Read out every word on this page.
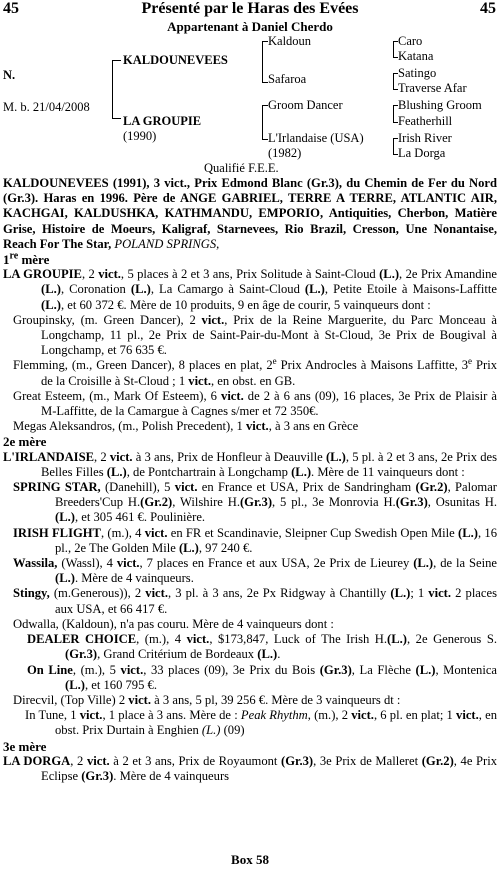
45	Présenté par le Haras des Evées	45
Appartenant à Daniel Cherdo
N.
M. b. 21/04/2008
KALDOUNEVEES
LA GROUPIE
(1990)
Kaldoun
Safaroa
Groom Dancer
L'Irlandaise (USA)
(1982)
Caro
Katana
Satingo
Traverse Afar
Blushing Groom
Featherhill
Irish River
La Dorga
Qualifié F.E.E.

KALDOUNEVEES (1991), 3 vict., Prix Edmond Blanc (Gr.3), du Chemin de Fer du Nord (Gr.3). Haras en 1996. Père de ANGE GABRIEL, TERRE A TERRE, ATLANTIC AIR, KACHGAI, KALDUSHKA, KATHMANDU, EMPORIO, Antiquities, Cherbon, Matière Grise, Histoire de Moeurs, Kaligraf, Starnevees, Rio Brazil, Cresson, Une Nonantaise, Reach For The Star, POLAND SPRINGS,

1re mère

LA GROUPIE, 2 vict., 5 places à 2 et 3 ans, Prix Solitude à Saint-Cloud (L.), 2e Prix Amandine (L.), Coronation (L.), La Camargo à Saint-Cloud (L.), Petite Etoile à Maisons-Laffitte (L.), et 60 372 €. Mère de 10 produits, 9 en âge de courir, 5 vainqueurs dont :

Groupinsky, (m. Green Dancer), 2 vict., Prix de la Reine Marguerite, du Parc Monceau à Longchamp, 11 pl., 2e Prix de Saint-Pair-du-Mont à St-Cloud, 3e Prix de Bougival à Longchamp, et 76 635 €.

Flemming, (m., Green Dancer), 8 places en plat, 2e Prix Androcles à Maisons Laffitte, 3e Prix de la Croisille à St-Cloud ; 1 vict., en obst. en GB.

Great Esteem, (m., Mark Of Esteem), 6 vict. de 2 à 6 ans (09), 16 places, 3e Prix de Plaisir à M-Laffitte, de la Camargue à Cagnes s/mer et 72 350€.

Megas Aleksandros, (m., Polish Precedent), 1 vict., à 3 ans en Grèce

2e mère

L'IRLANDAISE, 2 vict. à 3 ans, Prix de Honfleur à Deauville (L.), 5 pl. à 2 et 3 ans, 2e Prix des Belles Filles (L.), de Pontchartrain à Longchamp (L.). Mère de 11 vainqueurs dont :

SPRING STAR, (Danehill), 5 vict. en France et USA, Prix de Sandringham (Gr.2), Palomar Breeders'Cup H.(Gr.2), Wilshire H.(Gr.3), 5 pl., 3e Monrovia H.(Gr.3), Osunitas H.(L.), et 305 461 €. Poulinière.

IRISH FLIGHT, (m.), 4 vict. en FR et Scandinavie, Sleipner Cup Swedish Open Mile (L.), 16 pl., 2e The Golden Mile (L.), 97 240 €.

Wassila, (Wassl), 4 vict., 7 places en France et aux USA, 2e Prix de Lieurey (L.), de la Seine (L.). Mère de 4 vainqueurs.

Stingy, (m.Generous)), 2 vict., 3 pl. à 3 ans, 2e Px Ridgway à Chantilly (L.); 1 vict. 2 places aux USA, et 66 417 €.

Odwalla, (Kaldoun), n'a pas couru. Mère de 4 vainqueurs dont :

DEALER CHOICE, (m.), 4 vict., $173,847, Luck of The Irish H.(L.), 2e Generous S.(Gr.3), Grand Critérium de Bordeaux (L.).

On Line, (m.), 5 vict., 33 places (09), 3e Prix du Bois (Gr.3), La Flèche (L.), Montenica (L.), et 160 795 €.

Direcvil, (Top Ville) 2 vict. à 3 ans, 5 pl, 39 256 €. Mère de 3 vainqueurs dt :

In Tune, 1 vict., 1 place à 3 ans. Mère de : Peak Rhythm, (m.), 2 vict., 6 pl. en plat; 1 vict., en obst. Prix Durtain à Enghien (L.) (09)

3e mère

LA DORGA, 2 vict. à 2 et 3 ans, Prix de Royaumont (Gr.3), 3e Prix de Malleret (Gr.2), 4e Prix Eclipse (Gr.3). Mère de 4 vainqueurs

Box 58
